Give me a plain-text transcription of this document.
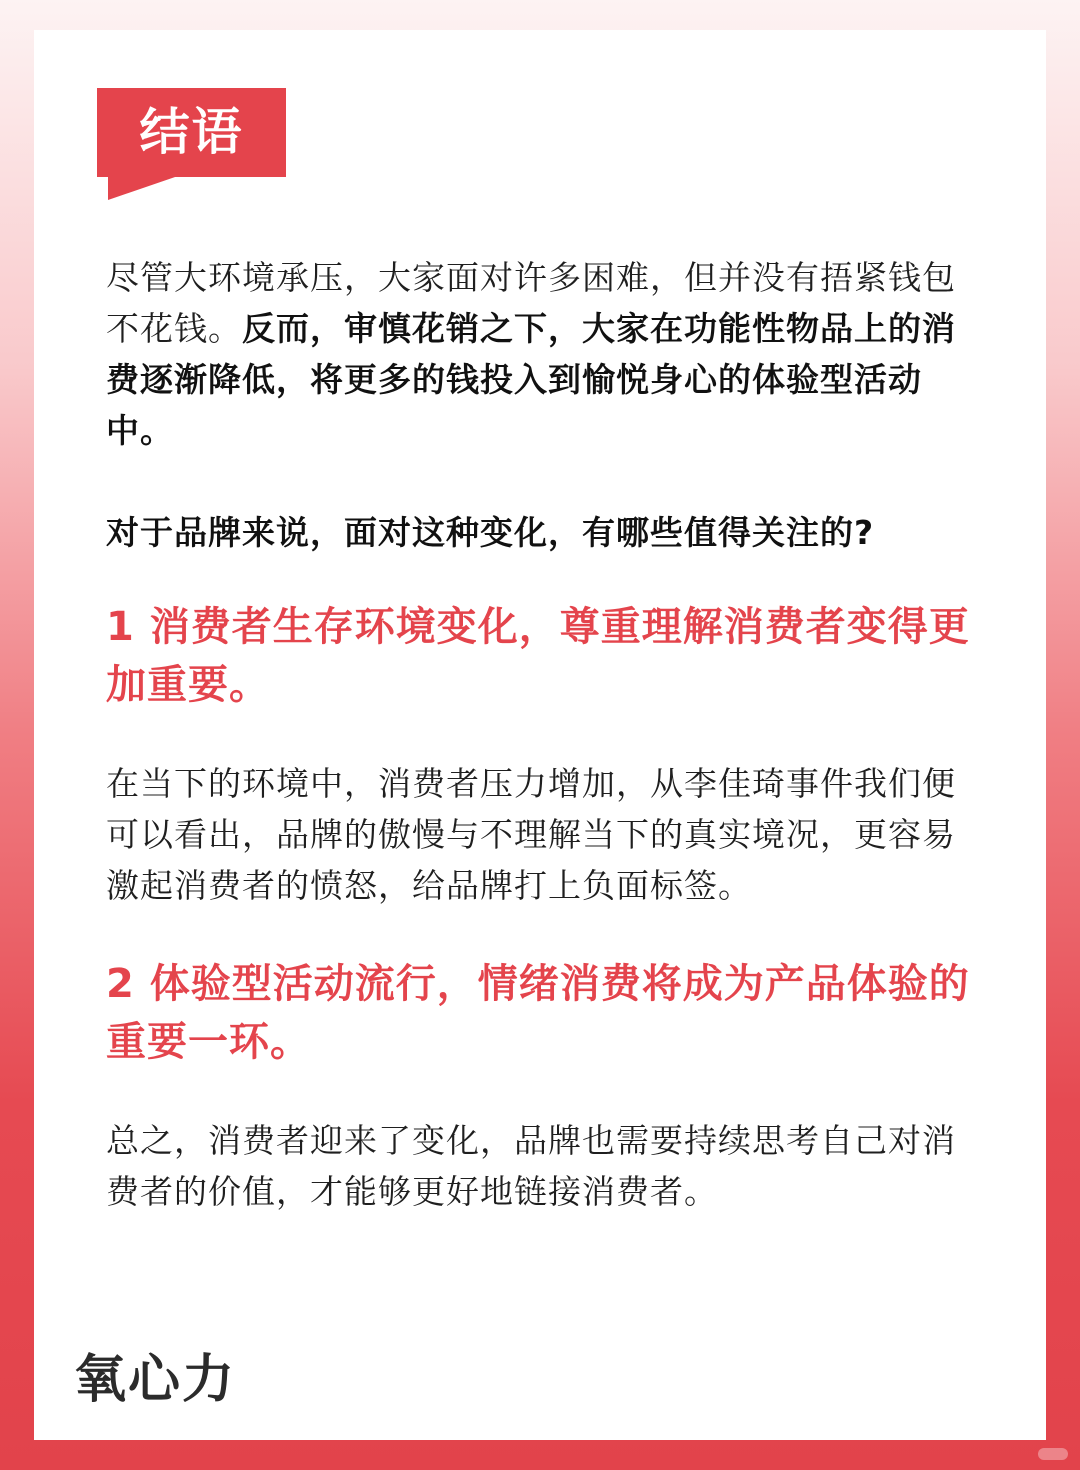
结语

尽管大环境承压，大家面对许多困难，但并没有捂紧钱包不花钱。反而，审慎花销之下，大家在功能性物品上的消费逐渐降低，将更多的钱投入到愉悦身心的体验型活动中。

对于品牌来说，面对这种变化，有哪些值得关注的?

1 消费者生存环境变化，尊重理解消费者变得更加重要。

在当下的环境中，消费者压力增加，从李佳琦事件我们便可以看出，品牌的傲慢与不理解当下的真实境况，更容易激起消费者的愤怒，给品牌打上负面标签。

2 体验型活动流行，情绪消费将成为产品体验的重要一环。

总之，消费者迎来了变化，品牌也需要持续思考自己对消费者的价值，才能够更好地链接消费者。

氧心力
